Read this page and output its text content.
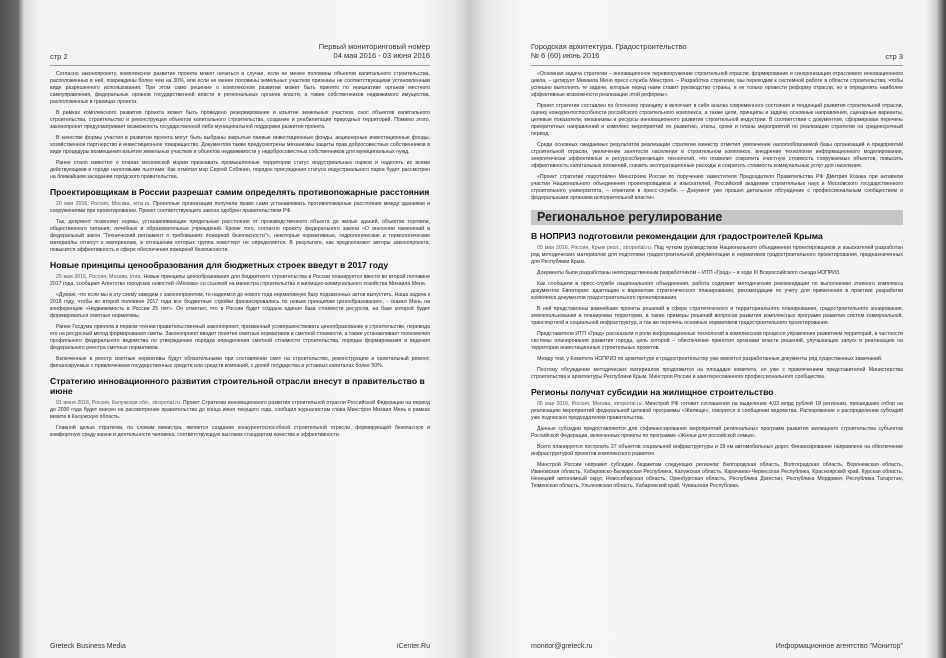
стр 2
Первый мониторинговый номер
04 мая 2016 - 03 июня 2016

Согласно законопроекту, комплексное развитие проекта может начаться в случае, если не менее половины объектов капитального строительства, расположенных в ней, повреждены более чем на 30%, или если не менее половины земельных участков признаны не соответствующими установленным виде разрешенного использования. При этом само решение о комплексном развитии может быть принято по инициативе органов местного самоуправления, федеральных органов государственной власти и региональных органов власти, а также собственников недвижимого имущества, расположенных в границах проекта.

В рамках комплексного развития проекта может быть проведено резервирование и изъятие земельных участков, снос объектов капитального строительства, строительство и реконструкция объектов капитального строительства, создание и реабилитация природных территорий. Помимо этого, законопроект предусматривает возможность государственной либо муниципальной поддержки развития проекта.

В качестве формы участия в развитии проекта могут быть выбраны закрытые паевые инвестиционные фонды, акционерные инвестиционные фонды, хозяйственное партнерство и инвестиционное товарищество. Документом также предусмотрены механизмы защиты прав добросовестных собственников в виде процедуры возмещения изъятия земельных участков и объектов недвижимости у недобросовестных собственников для муниципальных нужд.

Ранее стало известно о планах московской мэрии признавать промышленные территории статус индустриальных парков и наделять их всеми действующими в городе налоговыми льготами. Как отметил мэр Сергей Собянин, порядок присуждения статуса индустриального парка будет рассмотрен на ближайшем заседании городского правительства.

Проектировщикам в России разрешат самим определять противопожарные расстояния

20 мая 2016, Россия, Москва, erns.ru. Проектные организации получили право сами устанавливать противопожарные расстояния между зданиями и сооружениями при проектировании. Проект соответствующего закона одобрен правительством РФ.

Так, документ позволяет нормы, устанавливающие предельные расстояния от производственного объекта до жилых зданий, объектов торговли, общественного питания, лечебных и образовательных учреждений. Кроме того, согласно проекту федерального закона «О внесении изменений в федеральный закон "Технический регламент о требованиях пожарной безопасности"», некоторые нормативные, гидрологические и термологические материалы отнесут к материалам, в отношении которых группа новоттерт не определяется. В результате, как предполагают авторы законопроекта, повысится эффективность в сфере обеспечения пожарной безопасности.

Новые принципы ценообразования для бюджетных строек введут в 2017 году

25 мая 2016, Россия, Москва, irnru. Новые принципы ценообразования для бюджетного строительства в России планируется ввести во второй половине 2017 года, сообщает Агентство городских новостей «Москва» со ссылкой на министра строительства и жилищно-коммунального хозяйства Михаила Меня.

«Думаю, что если мы в эту схему заведем с законопроектом, то надеемся до нового года нормативную базу подзаконных актов выпустить. Наша задача к 2018 году, чтобы во второй половине 2017 года все бюджетные стройки финансировались по новым принципам ценообразования», - сказал Мень на конференции «Недвижимость в России 25 лет». Он отметил, что в России будет создана единая база стоимости ресурсов, на базе которой будет формироваться сметные нормативы.

Ранее Госдума приняла в первом чтении правительственный законопроект, призванный усовершенствовать ценообразование в строительстве, перевода его на ресурсный метод формирования сметы. Законопроект вводит понятия сметных нормативов и сметной стоимости, а также устанавливает полномочия профильного федерального ведомства по утверждению порядка определения сметной стоимости строительства, порядка формирования и ведения федерального реестра сметных нормативов.

Включенные в реестр сметные нормативы будут обязательными при составлении смет на строительство, реконструкцию и капитальный ремонт, финансируемых с привлечением государственных средств или средств компаний, с долей государства в уставных капиталах более 50%.

Стратегию инновационного развития строительной отрасли внесут в правительство в июне

01 июня 2016, Россия, Калужская обл., stroportal.ru. Проект Стратегии инновационного развития строительной отрасли Российской Федерации на период до 2030 года будет внесен на рассмотрение правительства до конца июня текущего года, сообщил журналистам глава Минстроя Михаил Мень в рамках визита в Калужскую область.

Главной целью стратегии, по словам министра, является создание конкурентоспособной строительной отрасли, формирующей безопасную и комфортную среду жизни и деятельности человека, соответствующую высоким стандартам качества и эффективности.

Greteck Business Media	iCenter.Ru
Городская архитектура. Градостроительство
№ 6 (60) июнь 2016	стр 3

«Основная задача стратегии – инновационное перевооружение строительной отрасли, формирование и синхронизация отраслевого инновационного цикла, – цитирует Михаила Меня пресс-служба Минстроя. – Разработка стратегии, мы переходим к системной работе в области строительства, чтобы успешно выполнять те задачи, которые перед нами ставит руководство страны, и не только провести реформу отрасли, но и определить наиболее эффективные возможности реализации этой реформы».

Проект стратегии составлен по блочному принципу и включает в себя анализ современного состояния и тенденций развития строительной отрасли, оценку конкурентоспособности российского строительного комплекса, а также цели, принципы и задачи, основные направления, сценарные варианты, целевые показатели, механизмы и ресурсы инновационного развития строительной индустрии. В соответствии с документом, сформирован перечень приоритетных направлений и комплекс мероприятий по развитию, этапы, сроки и планы мероприятий по реализации стратегии на среднесрочный период.

Среди основных ожидаемых результатов реализации стратегии министр отметил увеличение налогооблагаемой базы организаций и предприятий строительной отрасли, увеличение занятости населения в строительном комплексе, внедрение технологии информационного моделирования, энергетически эффективных и ресурсосберегающих технологий, что позволит сократить очистную стоимость сооружаемых объектов, повысить эффективность капитальных вложений, снизить эксплуатационные расходы и сократить стоимость коммунальных услуг для населения.

«Проект стратегии подготовлен Минстроем России по поручению заместителя Председателя Правительства РФ Дмитрия Козака при активном участии Национального объединения проектировщиков и изыскателей, Российской академии строительных наук и Московского государственного строительного университета, – отметили в пресс-службе. – Документ уже прошел детальное обсуждение с профессиональным сообществом и федеральными органами исполнительной власти».

Региональное регулирование
В НОПРИЗ подготовили рекомендации для градостроителей Крыма

05 мая 2016, Россия, Крым респ., stroportal.ru. Под чутким руководством Национального объединения проектировщиков и изыскателей разработан ряд методических материалов для подготовки градостроительной документации и нормативов градостроительного проектирования, предназначенных для Республики Крым.

Документы были разработаны непосредственным разработчиком – ИТП «Град» – в ходе III Всероссийского съезда НОПРИЗ.

Как сообщили в пресс-службе национального объединения, работа содержит методические рекомендации по выполнению этапного комплекса документов Евпатории: адаптацию к вариантам стратегического планирования, рекомендации по учету для применения в практике разработки комплекса документов градостроительного проектирования.

В ней представлены важнейшие проекты решений в сфере стратегического и территориального планирования, градостроительного зонирования, землепользования и планировки территории, в также примеры решений вопросов развития комплексных программ развития систем коммунальной, транспортной и социальной инфраструктур, а так же перечень основных нормативов градостроительного проектирования.

Представители ИТП «Град» рассказали о роли информационных технологий в комплексном процессе управления развитием территорий, в частности системы планирования развития города, цель которой – обеспечение принятия органами власти решений, улучшающих запуск и реализацию на территории инвестиционных строительных проектов.

Между тем, у Комитета НОПРИЗ по архитектуре и градостроительству уже имеются разработанные документы ряд существенных замечаний.

Поэтому обсуждение методических материалов продолжится на площадке комитета, но уже с привлечением представителей Министерства строительства и архитектуры Республики Крым, Минстроя России и заинтересованного профессионального сообщества.

Регионы получат субсидии на жилищное строительство

05 мая 2016, Россия, Москва, stroportal.ru. Минстрой РФ готовит соглашения на выделение 4,03 млрд рублей 18 регионам, прошедшим отбор на реализацию мероприятий федеральной целевой программы «Жилище», говорится в сообщении ведомства. Распоряжение о распределении субсидий уже подписано председателем правительства.

Данные субсидии предоставляются для софинансирования мероприятий региональных программ развития жилищного строительства субъектов Российской Федерации, включенных проекты по программе «Жилье для российской семьи».

Всего планируется построить 27 объектов социальной инфраструктуры и 39 км автомобильных дорог. Финансирование направлено на обеспечение инфраструктурой проектов комплексного развития.

Минстрой России направит субсидии бюджетам следующих регионов: Белгородская область, Волгоградская область, Воронежская область, Ивановская область, Хабаровско-Балкарская Республика, Калужская область, Карачаево-Черкесская Республика, Красноярский край, Курская область, Ненецкий автономный округ, Новосибирская область, Оренбургская область, Республика Дагестан, Республика Мордовия, Республика Татарстан, Тюменская область, Ульяновская область, Хабаровский край, Чувашская Республика.

monitor@greteck.ru	Информационное агентство "Монитор"
